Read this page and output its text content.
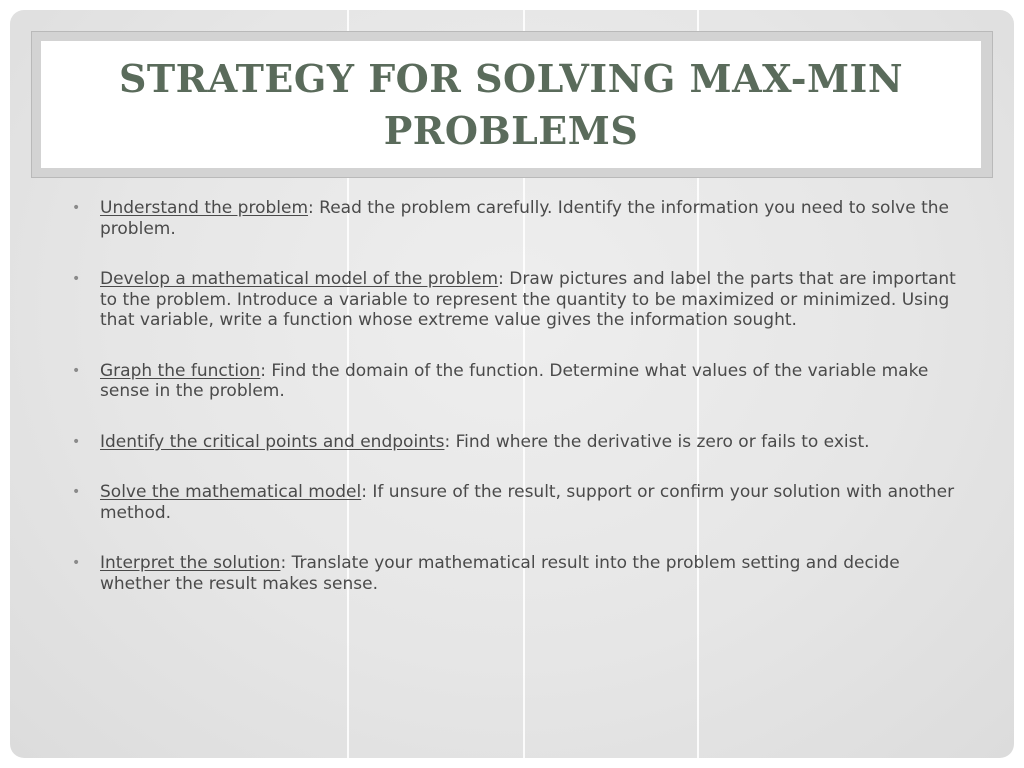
STRATEGY FOR SOLVING MAX-MIN PROBLEMS
• Understand the problem: Read the problem carefully. Identify the information you need to solve the problem.
• Develop a mathematical model of the problem: Draw pictures and label the parts that are important to the problem. Introduce a variable to represent the quantity to be maximized or minimized. Using that variable, write a function whose extreme value gives the information sought.
• Graph the function: Find the domain of the function. Determine what values of the variable make sense in the problem.
• Identify the critical points and endpoints: Find where the derivative is zero or fails to exist.
• Solve the mathematical model: If unsure of the result, support or confirm your solution with another method.
• Interpret the solution: Translate your mathematical result into the problem setting and decide whether the result makes sense.
